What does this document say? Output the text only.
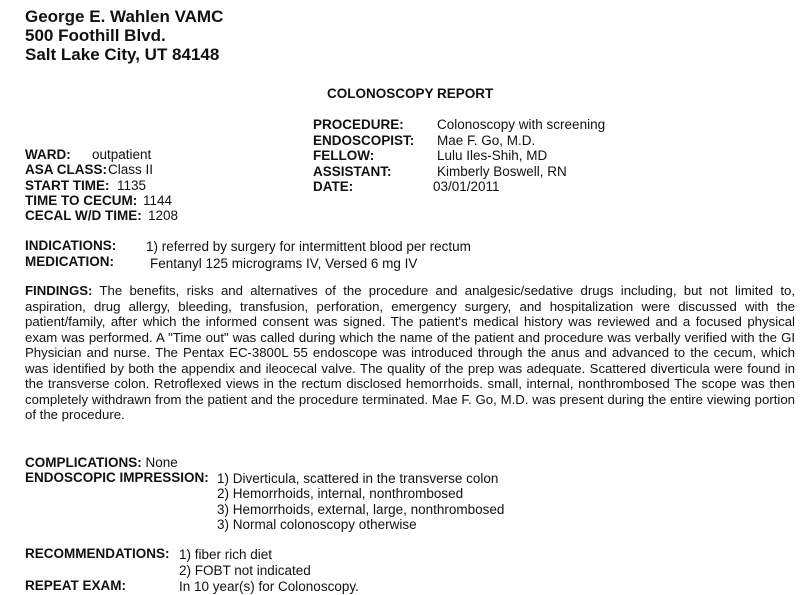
George E. Wahlen VAMC
500 Foothill Blvd.
Salt Lake City, UT 84148
COLONOSCOPY REPORT
PROCEDURE: Colonoscopy with screening
ENDOSCOPIST: Mae F. Go, M.D.
FELLOW:	Lulu Iles-Shih, MD
ASSISTANT:	Kimberly Boswell, RN
DATE:	03/01/2011
WARD: outpatient
ASA CLASS: Class II
START TIME: 1135
TIME TO CECUM: 1144
CECAL W/D TIME: 1208
INDICATIONS: 1) referred by surgery for intermittent blood per rectum
MEDICATION:	Fentanyl 125 micrograms IV, Versed 6 mg IV
FINDINGS: The benefits, risks and alternatives of the procedure and analgesic/sedative drugs including, but not limited to, aspiration, drug allergy, bleeding, transfusion, perforation, emergency surgery, and hospitalization were discussed with the patient/family, after which the informed consent was signed. The patient's medical history was reviewed and a focused physical exam was performed. A "Time out" was called during which the name of the patient and procedure was verbally verified with the GI Physician and nurse. The Pentax EC-3800L 55 endoscope was introduced through the anus and advanced to the cecum, which was identified by both the appendix and ileocecal valve. The quality of the prep was adequate. Scattered diverticula were found in the transverse colon. Retroflexed views in the rectum disclosed hemorrhoids. small, internal, nonthrombosed The scope was then completely withdrawn from the patient and the procedure terminated. Mae F. Go, M.D. was present during the entire viewing portion of the procedure.
COMPLICATIONS: None
ENDOSCOPIC IMPRESSION: 1) Diverticula, scattered in the transverse colon
2) Hemorrhoids, internal, nonthrombosed
3) Hemorrhoids, external, large, nonthrombosed
3) Normal colonoscopy otherwise
RECOMMENDATIONS: 1) fiber rich diet
2) FOBT not indicated
REPEAT EXAM:	In 10 year(s) for Colonoscopy.
